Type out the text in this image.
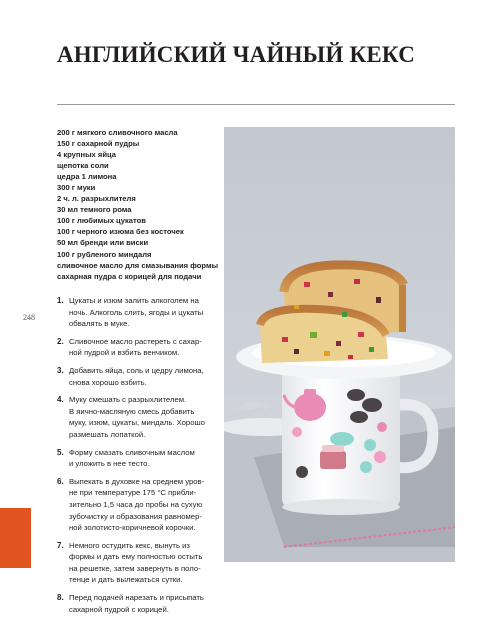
АНГЛИЙСКИЙ ЧАЙНЫЙ КЕКС
200 г мягкого сливочного масла
150 г сахарной пудры
4 крупных яйца
щепотка соли
цедра 1 лимона
300 г муки
2 ч. л. разрыхлителя
30 мл темного рома
100 г любимых цукатов
100 г черного изюма без косточек
50 мл бренди или виски
100 г рубленого миндаля
сливочное масло для смазывания формы
сахарная пудра с корицей для подачи
248
1. Цукаты и изюм залить алкоголем на
ночь. Алкоголь слить, ягоды и цукаты
обвалять в муке.
2. Сливочное масло растереть с сахар-
ной пудрой и взбить венчиком.
3. Добавить яйца, соль и цедру лимона,
снова хорошо взбить.
4. Муку смешать с разрыхлителем.
В яично-масляную смесь добавить
муку, изюм, цукаты, миндаль. Хорошо
размешать лопаткой.
5. Форму смазать сливочным маслом
и уложить в нее тесто.
6. Выпекать в духовке на среднем уров-
не при температуре 175 °С прибли-
зительно 1,5 часа до пробы на сухую
зубочистку и образования равномер-
ной золотисто-коричневой корочки.
7. Немного остудить кекс, вынуть из
формы и дать ему полностью остыть
на решетке, затем завернуть в поло-
тенце и дать вылежаться сутки.
8. Перед подачей нарезать и присыпать
сахарной пудрой с корицей.
